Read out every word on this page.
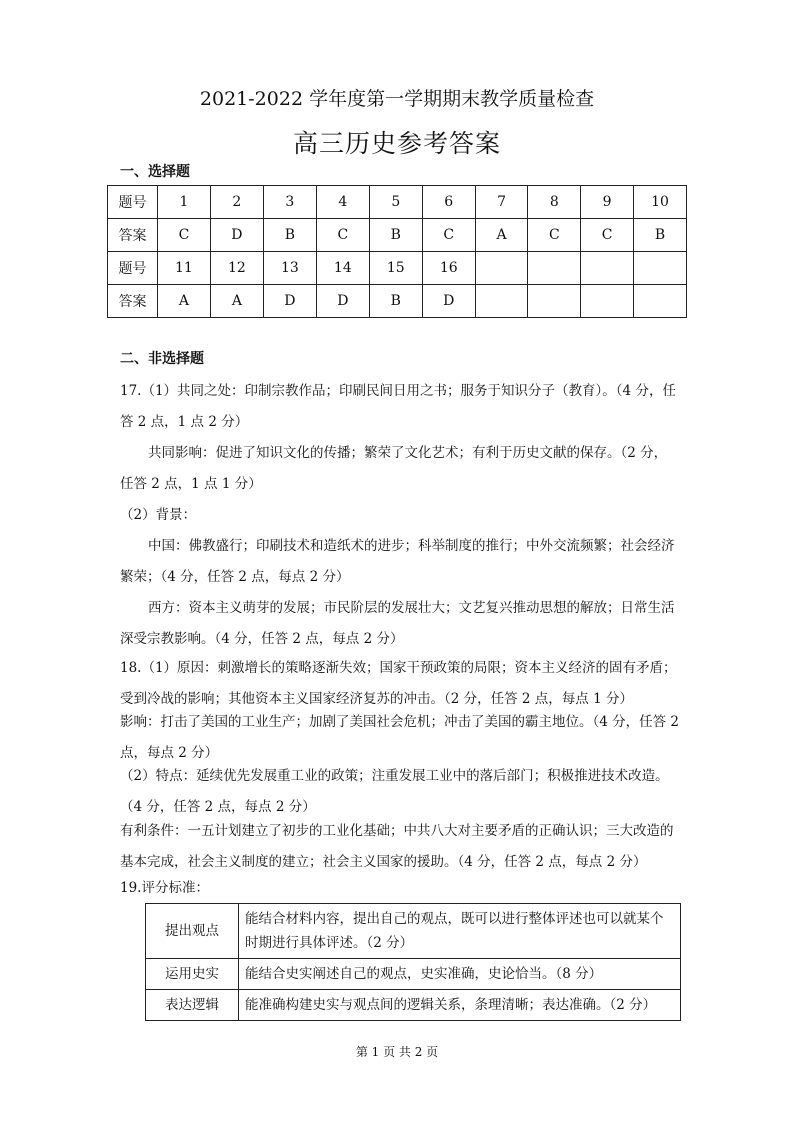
2021-2022 学年度第一学期期末教学质量检查
高三历史参考答案
一、选择题
题号	1	2	3	4	5	6	7	8	9	10
答案	C	D	B	C	B	C	A	C	C	B
题号	11	12	13	14	15	16				
答案	A	A	D	D	B	D				
二、非选择题
17.（1）共同之处：印制宗教作品；印刷民间日用之书；服务于知识分子（教育）。（4 分，任答 2 点，1 点 2 分）
共同影响：促进了知识文化的传播；繁荣了文化艺术；有利于历史文献的保存。（2 分，任答 2 点，1 点 1 分）
（2）背景：
中国：佛教盛行；印刷技术和造纸术的进步；科举制度的推行；中外交流频繁；社会经济繁荣；（4 分，任答 2 点，每点 2 分）
西方：资本主义萌芽的发展；市民阶层的发展壮大；文艺复兴推动思想的解放；日常生活深受宗教影响。（4 分，任答 2 点，每点 2 分）
18.（1）原因：刺激增长的策略逐渐失效；国家干预政策的局限；资本主义经济的固有矛盾；受到冷战的影响；其他资本主义国家经济复苏的冲击。（2 分，任答 2 点，每点 1 分）
影响：打击了美国的工业生产；加剧了美国社会危机；冲击了美国的霸主地位。（4 分，任答 2 点，每点 2 分）
（2）特点：延续优先发展重工业的政策；注重发展工业中的落后部门；积极推进技术改造。（4 分，任答 2 点，每点 2 分）
有利条件：一五计划建立了初步的工业化基础；中共八大对主要矛盾的正确认识；三大改造的基本完成，社会主义制度的建立；社会主义国家的援助。（4 分，任答 2 点，每点 2 分）
19.评分标准：
提出观点	能结合材料内容，提出自己的观点，既可以进行整体评述也可以就某个时期进行具体评述。（2 分）
运用史实	能结合史实阐述自己的观点，史实准确，史论恰当。（8 分）
表达逻辑	能准确构建史实与观点间的逻辑关系，条理清晰；表达准确。（2 分）
第 1 页 共 2 页
